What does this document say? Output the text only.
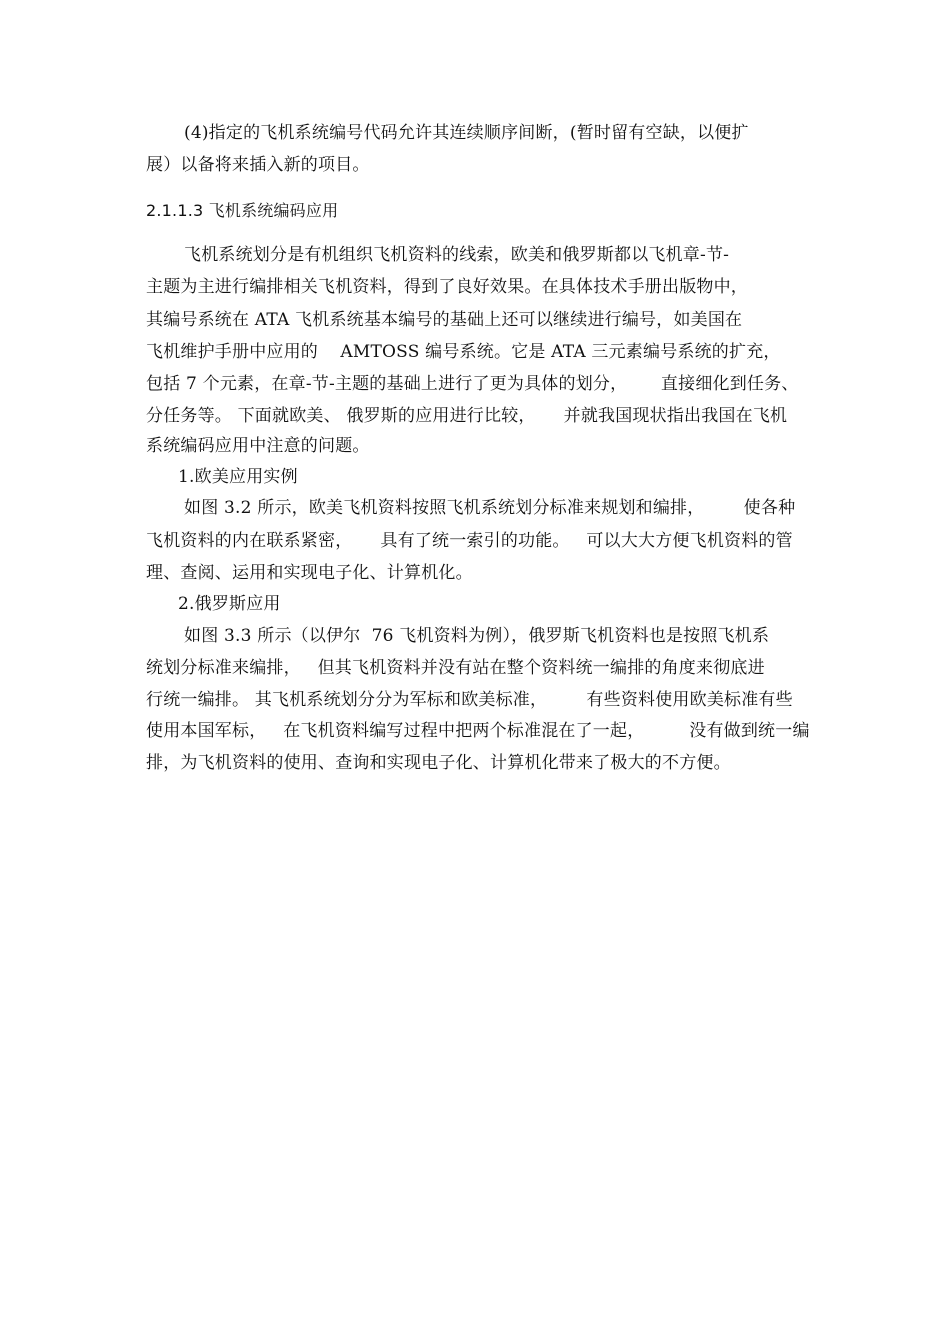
(4)指定的飞机系统编号代码允许其连续顺序间断，(暂时留有空缺，以便扩
展）以备将来插入新的项目。
2.1.1.3 飞机系统编码应用
飞机系统划分是有机组织飞机资料的线索，欧美和俄罗斯都以飞机章-节-
主题为主进行编排相关飞机资料，得到了良好效果。在具体技术手册出版物中，
其编号系统在 ATA 飞机系统基本编号的基础上还可以继续进行编号，如美国在
飞机维护手册中应用的    AMTOSS 编号系统。它是 ATA 三元素编号系统的扩充，
包括 7 个元素，在章-节-主题的基础上进行了更为具体的划分，      直接细化到任务、
分任务等。 下面就欧美、 俄罗斯的应用进行比较，     并就我国现状指出我国在飞机
系统编码应用中注意的问题。
1.欧美应用实例
如图 3.2 所示，欧美飞机资料按照飞机系统划分标准来规划和编排，       使各种
飞机资料的内在联系紧密，     具有了统一索引的功能。   可以大大方便飞机资料的管
理、查阅、运用和实现电子化、计算机化。
2.俄罗斯应用
如图 3.3 所示（以伊尔  76 飞机资料为例），俄罗斯飞机资料也是按照飞机系
统划分标准来编排，   但其飞机资料并没有站在整个资料统一编排的角度来彻底进
行统一编排。 其飞机系统划分分为军标和欧美标准，       有些资料使用欧美标准有些
使用本国军标，   在飞机资料编写过程中把两个标准混在了一起，        没有做到统一编
排，为飞机资料的使用、查询和实现电子化、计算机化带来了极大的不方便。
